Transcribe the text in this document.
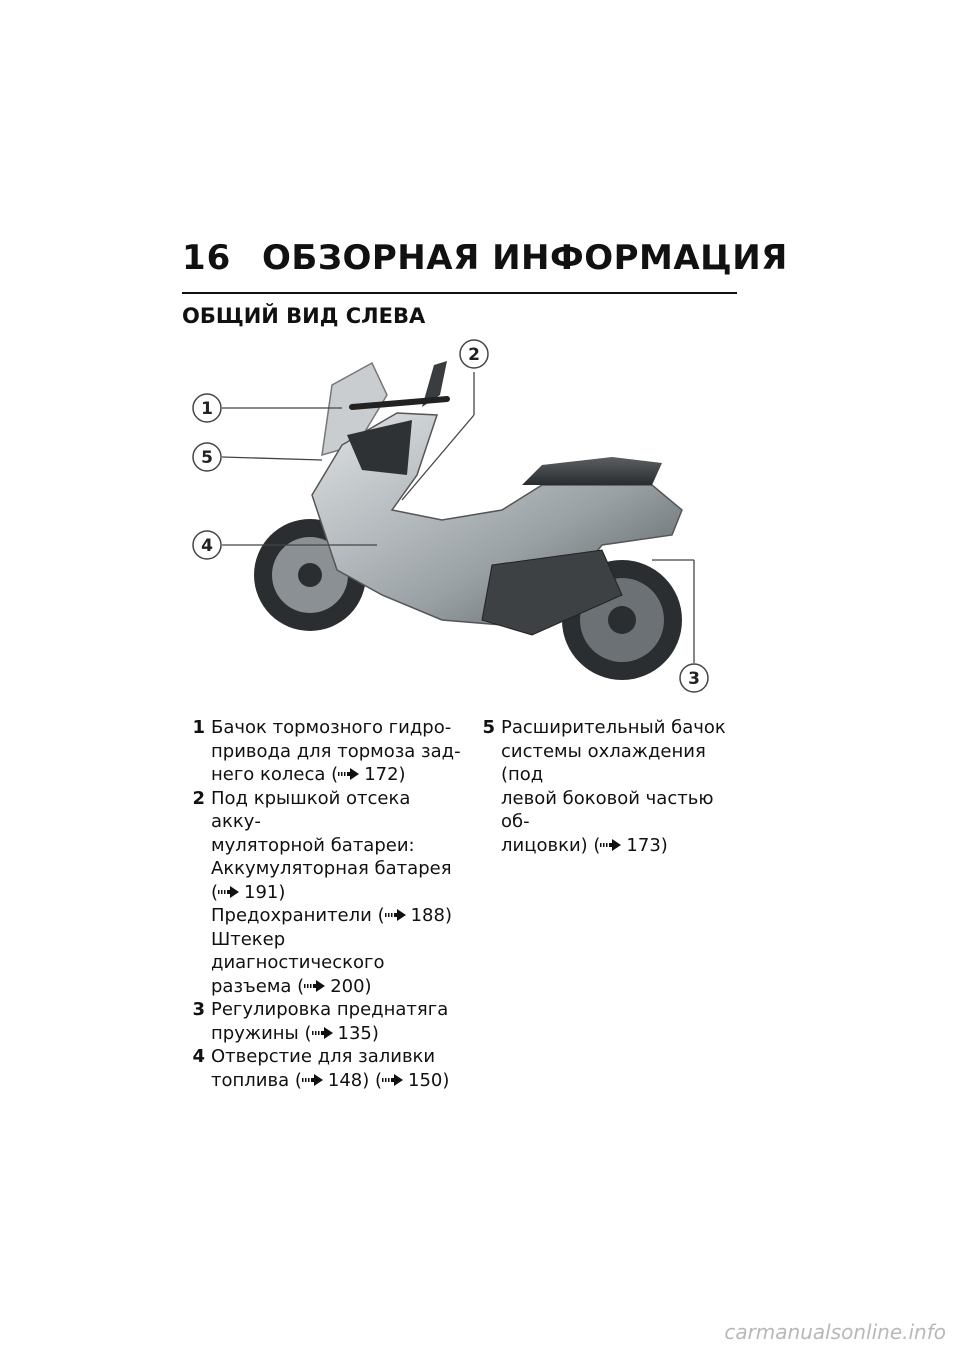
16 ОБЗОРНАЯ ИНФОРМАЦИЯ
ОБЩИЙ ВИД СЛЕВА
1
2
3
4
5
1 Бачок тормозного гидро-
привода для тормоза зад-
него колеса ( 172)
2 Под крышкой отсека акку-
муляторной батареи:
Аккумуляторная батарея
( 191)
Предохранители ( 188)
Штекер диагностического
разъема ( 200)
3 Регулировка преднатяга
пружины ( 135)
4 Отверстие для заливки
топлива ( 148) ( 150)
5 Расширительный бачок
системы охлаждения (под
левой боковой частью об-
лицовки) ( 173)
carmanualsonline.info
